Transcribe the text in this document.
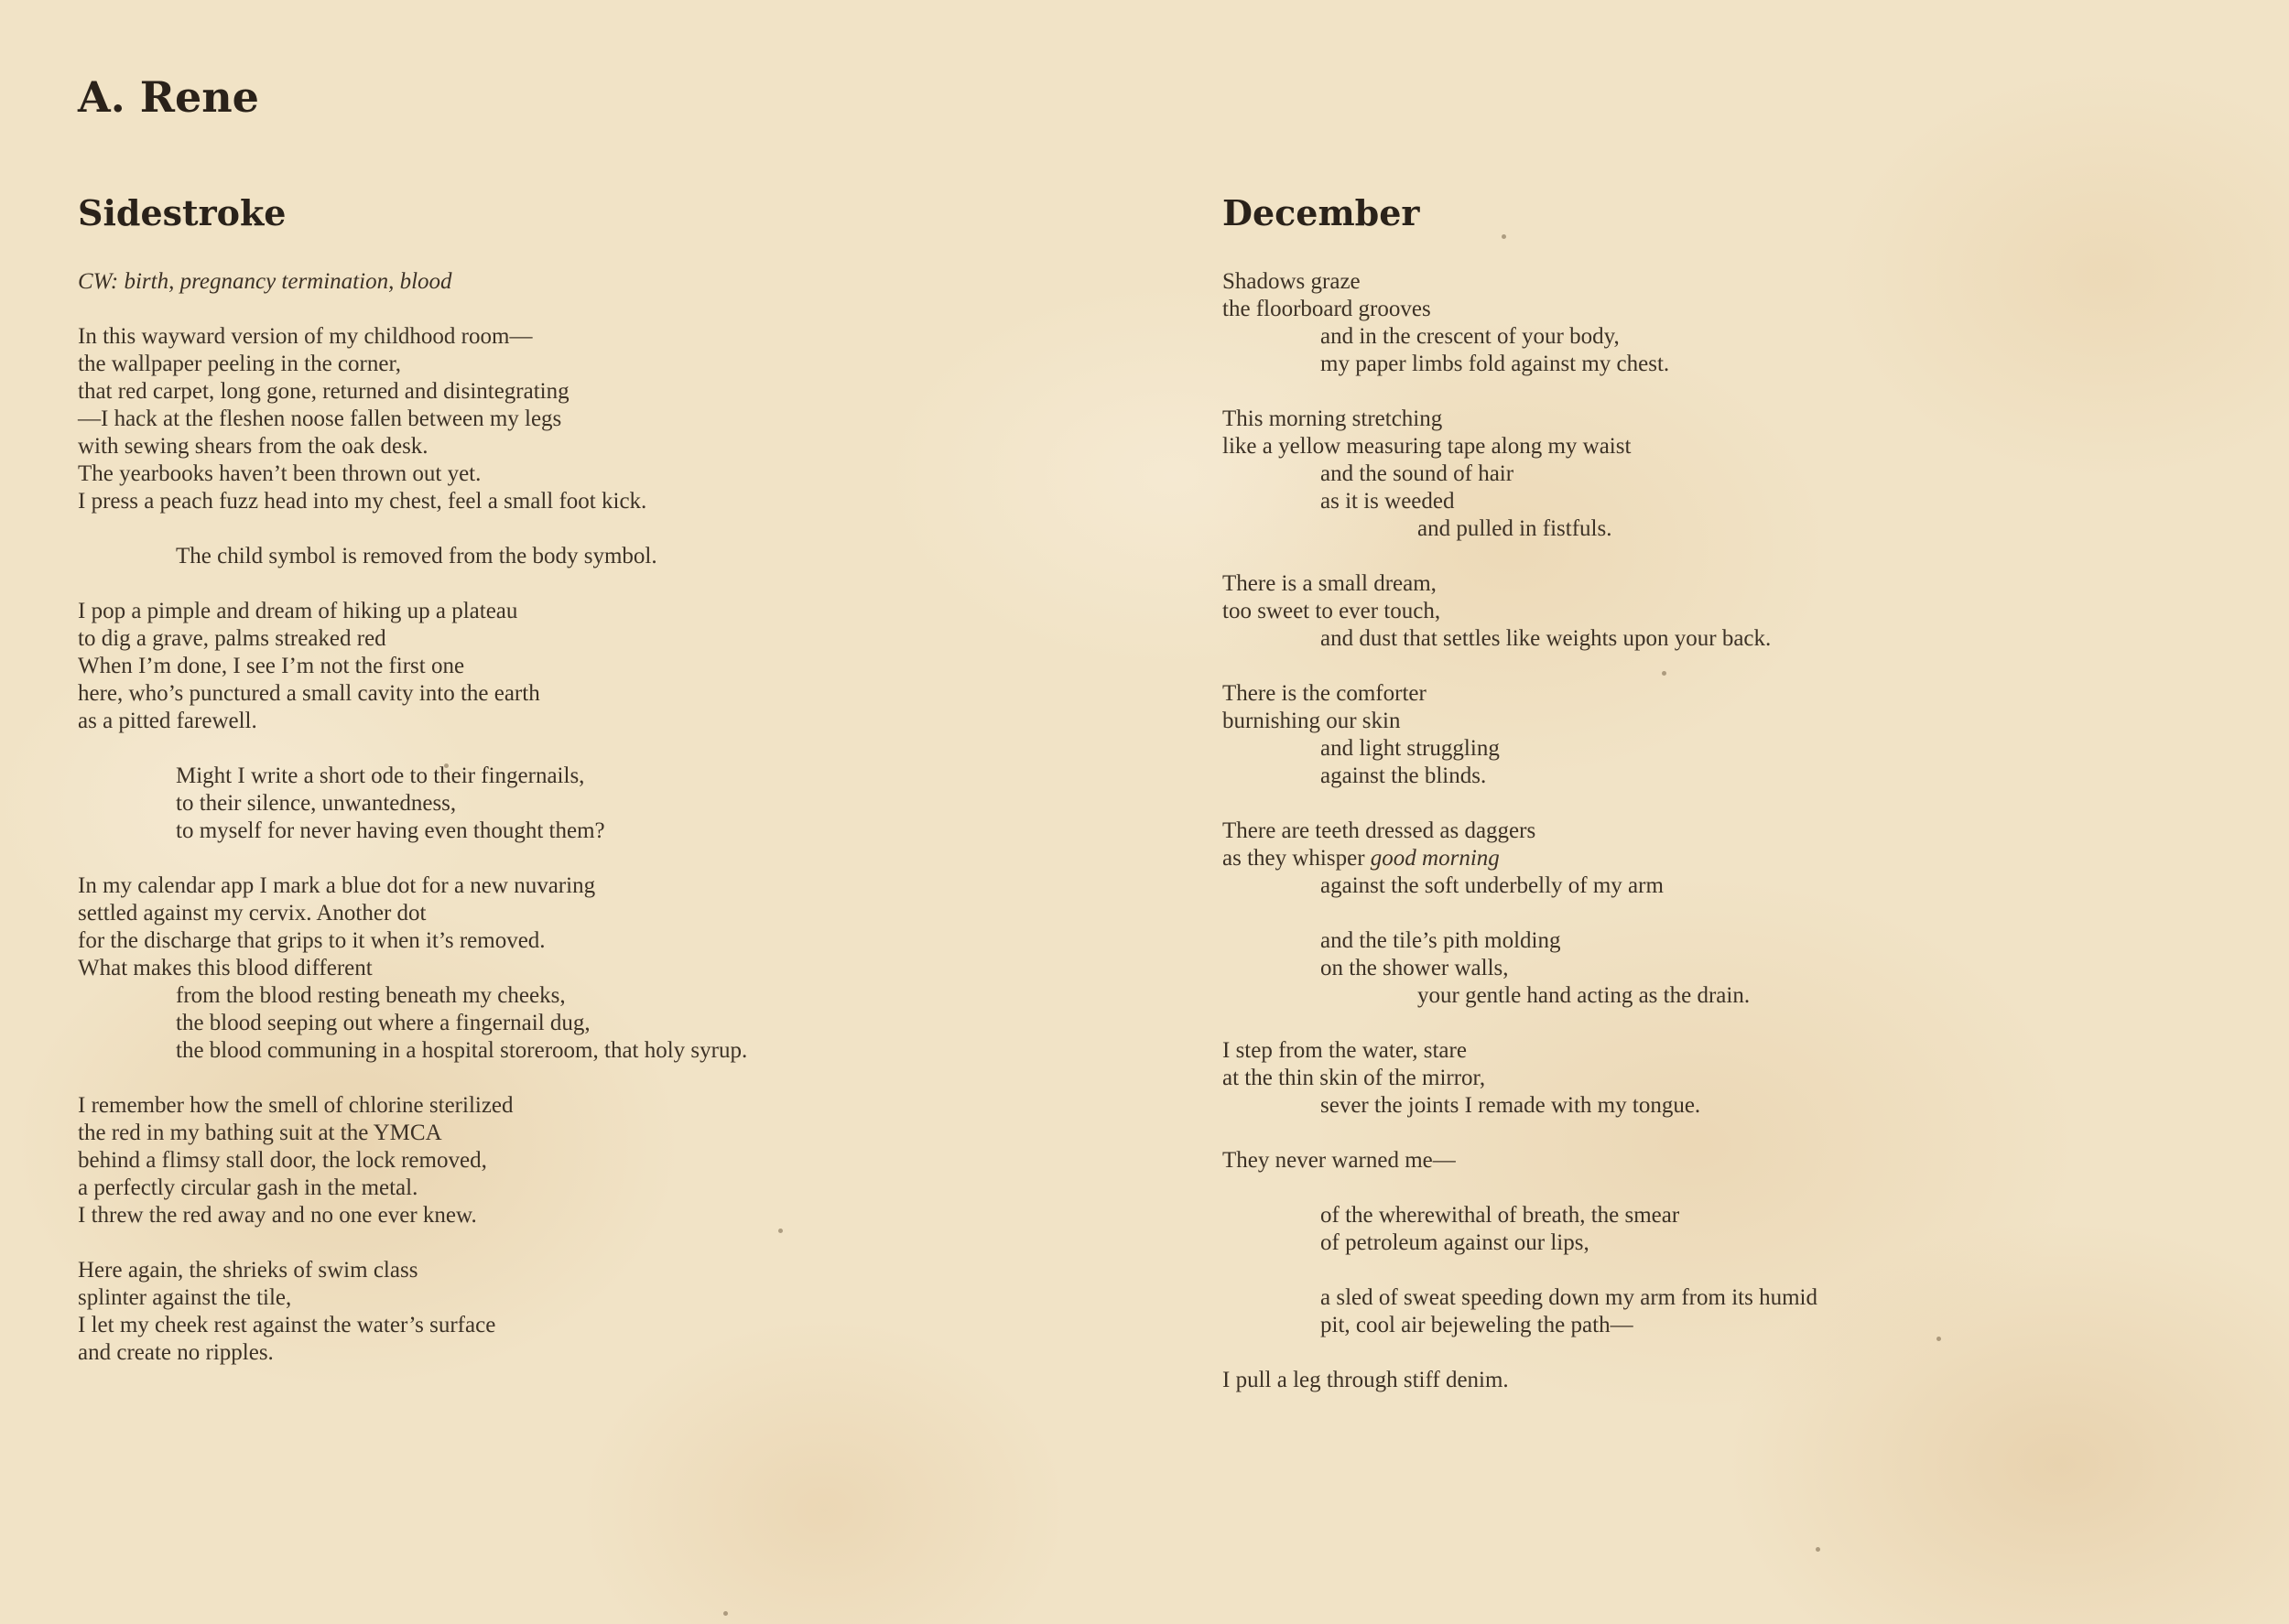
A. Rene
Sidestroke
CW: birth, pregnancy termination, blood
In this wayward version of my childhood room—
the wallpaper peeling in the corner,
that red carpet, long gone, returned and disintegrating
—I hack at the fleshen noose fallen between my legs
with sewing shears from the oak desk.
The yearbooks haven’t been thrown out yet.
I press a peach fuzz head into my chest, feel a small foot kick.
The child symbol is removed from the body symbol.
I pop a pimple and dream of hiking up a plateau
to dig a grave, palms streaked red
When I’m done, I see I’m not the first one
here, who’s punctured a small cavity into the earth
as a pitted farewell.
Might I write a short ode to their fingernails,
to their silence, unwantedness,
to myself for never having even thought them?
In my calendar app I mark a blue dot for a new nuvaring
settled against my cervix. Another dot
for the discharge that grips to it when it’s removed.
What makes this blood different
from the blood resting beneath my cheeks,
the blood seeping out where a fingernail dug,
the blood communing in a hospital storeroom, that holy syrup.
I remember how the smell of chlorine sterilized
the red in my bathing suit at the YMCA
behind a flimsy stall door, the lock removed,
a perfectly circular gash in the metal.
I threw the red away and no one ever knew.
Here again, the shrieks of swim class
splinter against the tile,
I let my cheek rest against the water’s surface
and create no ripples.
December
Shadows graze
the floorboard grooves
and in the crescent of your body,
my paper limbs fold against my chest.
This morning stretching
like a yellow measuring tape along my waist
and the sound of hair
as it is weeded
and pulled in fistfuls.
There is a small dream,
too sweet to ever touch,
and dust that settles like weights upon your back.
There is the comforter
burnishing our skin
and light struggling
against the blinds.
There are teeth dressed as daggers
as they whisper good morning
against the soft underbelly of my arm
and the tile’s pith molding
on the shower walls,
your gentle hand acting as the drain.
I step from the water, stare
at the thin skin of the mirror,
sever the joints I remade with my tongue.
They never warned me—
of the wherewithal of breath, the smear
of petroleum against our lips,
a sled of sweat speeding down my arm from its humid
pit, cool air bejeweling the path—
I pull a leg through stiff denim.
